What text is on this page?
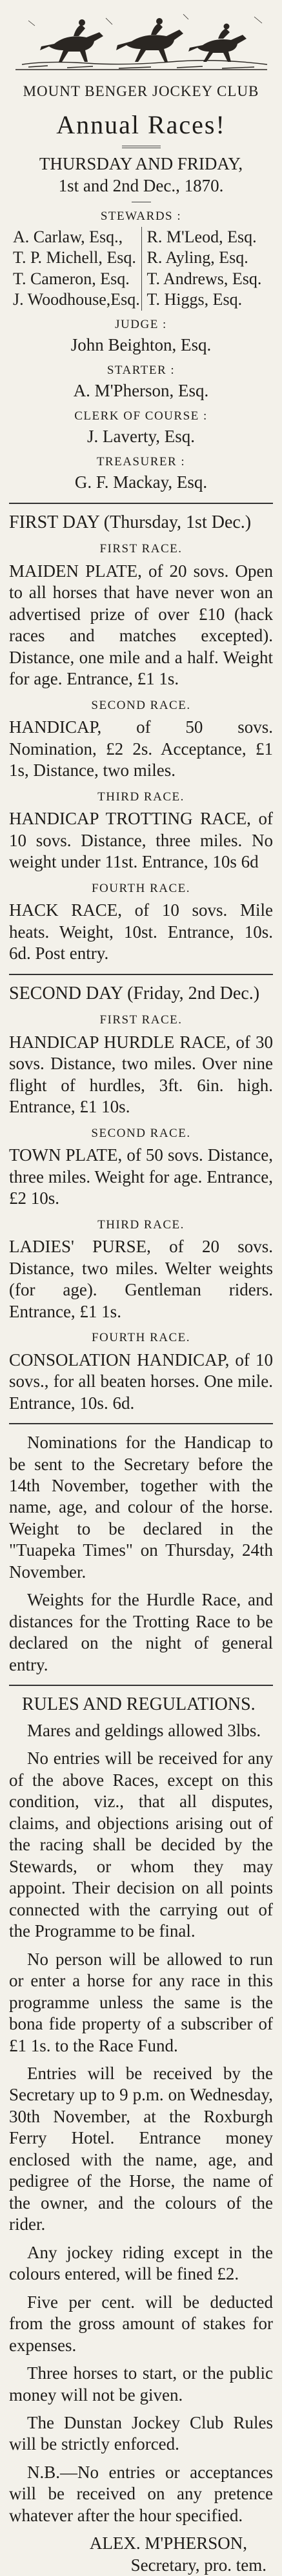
MOUNT BENGER JOCKEY CLUB
Annual Races!
THURSDAY AND FRIDAY,
1st and 2nd Dec., 1870.
STEWARDS :
A. Carlaw, Esq.,
T. P. Michell, Esq.
T. Cameron, Esq.
J. Woodhouse,Esq.
R. M'Leod, Esq.
R. Ayling, Esq.
T. Andrews, Esq.
T. Higgs, Esq.
JUDGE :
John Beighton, Esq.
STARTER :
A. M'Pherson, Esq.
CLERK OF COURSE :
J. Laverty, Esq.
TREASURER :
G. F. Mackay, Esq.
FIRST DAY (Thursday, 1st Dec.)
FIRST RACE.

MAIDEN PLATE, of 20 sovs. Open to all horses that have never won an advertised prize of over £10 (hack races and matches excepted). Distance, one mile and a half. Weight for age. Entrance, £1 1s.

SECOND RACE.

HANDICAP, of 50 sovs. Nomination, £2 2s. Acceptance, £1 1s, Distance, two miles.

THIRD RACE.

HANDICAP TROTTING RACE, of 10 sovs. Distance, three miles. No weight under 11st. Entrance, 10s 6d

FOURTH RACE.

HACK RACE, of 10 sovs. Mile heats. Weight, 10st. Entrance, 10s. 6d. Post entry.

SECOND DAY (Friday, 2nd Dec.)
FIRST RACE.

HANDICAP HURDLE RACE, of 30 sovs. Distance, two miles. Over nine flight of hurdles, 3ft. 6in. high. Entrance, £1 10s.

SECOND RACE.

TOWN PLATE, of 50 sovs. Distance, three miles. Weight for age. Entrance, £2 10s.

THIRD RACE.

LADIES' PURSE, of 20 sovs. Distance, two miles. Welter weights (for age). Gentleman riders. Entrance, £1 1s.

FOURTH RACE.

CONSOLATION HANDICAP, of 10 sovs., for all beaten horses. One mile. Entrance, 10s. 6d.

Nominations for the Handicap to be sent to the Secretary before the 14th November, together with the name, age, and colour of the horse. Weight to be declared in the "Tuapeka Times" on Thursday, 24th November.

Weights for the Hurdle Race, and distances for the Trotting Race to be declared on the night of general entry.

RULES AND REGULATIONS.

Mares and geldings allowed 3lbs.

No entries will be received for any of the above Races, except on this condition, viz., that all disputes, claims, and objections arising out of the racing shall be decided by the Stewards, or whom they may appoint. Their decision on all points connected with the carrying out of the Programme to be final.

No person will be allowed to run or enter a horse for any race in this programme unless the same is the bona fide property of a subscriber of £1 1s. to the Race Fund.

Entries will be received by the Secretary up to 9 p.m. on Wednesday, 30th November, at the Roxburgh Ferry Hotel. Entrance money enclosed with the name, age, and pedigree of the Horse, the name of the owner, and the colours of the rider.

Any jockey riding except in the colours entered, will be fined £2.

Five per cent. will be deducted from the gross amount of stakes for expenses.

Three horses to start, or the public money will not be given.

The Dunstan Jockey Club Rules will be strictly enforced.

N.B.—No entries or acceptances will be received on any pretence whatever after the hour specified.

ALEX. M'PHERSON,
Secretary, pro. tem.
